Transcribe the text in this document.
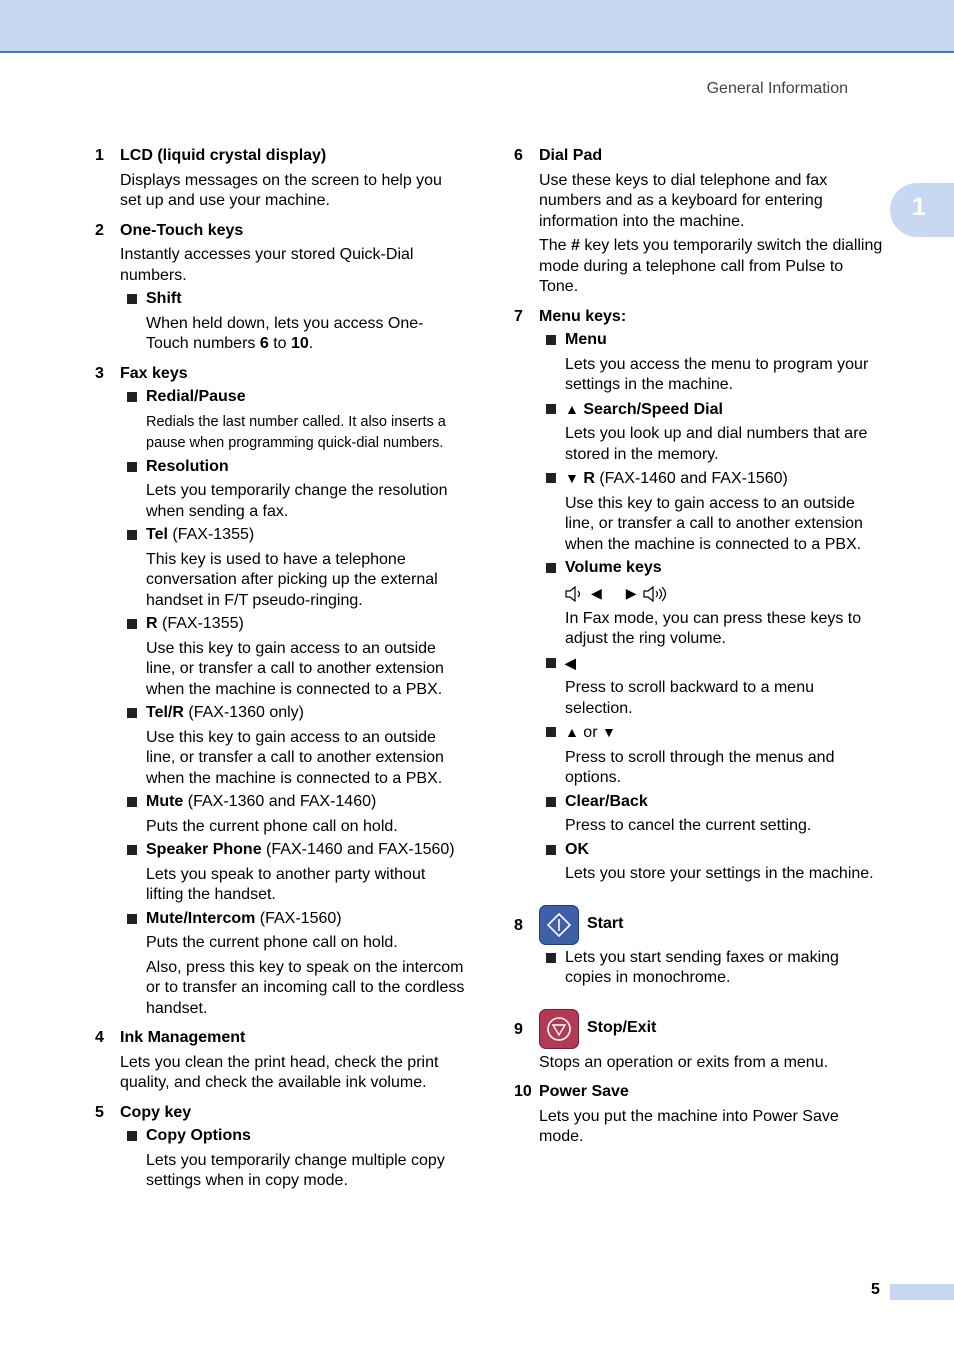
General Information
1
1 LCD (liquid crystal display)
Displays messages on the screen to help you set up and use your machine.
2 One-Touch keys
Instantly accesses your stored Quick-Dial numbers.
Shift
When held down, lets you access One-Touch numbers 6 to 10.
3 Fax keys
Redial/Pause
Redials the last number called. It also inserts a pause when programming quick-dial numbers.
Resolution
Lets you temporarily change the resolution when sending a fax.
Tel (FAX-1355)
This key is used to have a telephone conversation after picking up the external handset in F/T pseudo-ringing.
R (FAX-1355)
Use this key to gain access to an outside line, or transfer a call to another extension when the machine is connected to a PBX.
Tel/R (FAX-1360 only)
Use this key to gain access to an outside line, or transfer a call to another extension when the machine is connected to a PBX.
Mute (FAX-1360 and FAX-1460)
Puts the current phone call on hold.
Speaker Phone (FAX-1460 and FAX-1560)
Lets you speak to another party without lifting the handset.
Mute/Intercom (FAX-1560)
Puts the current phone call on hold.
Also, press this key to speak on the intercom or to transfer an incoming call to the cordless handset.
4 Ink Management
Lets you clean the print head, check the print quality, and check the available ink volume.
5 Copy key
Copy Options
Lets you temporarily change multiple copy settings when in copy mode.
6 Dial Pad
Use these keys to dial telephone and fax numbers and as a keyboard for entering information into the machine.
The # key lets you temporarily switch the dialling mode during a telephone call from Pulse to Tone.
7 Menu keys:
Menu
Lets you access the menu to program your settings in the machine.
▲ Search/Speed Dial
Lets you look up and dial numbers that are stored in the memory.
▼ R (FAX-1460 and FAX-1560)
Use this key to gain access to an outside line, or transfer a call to another extension when the machine is connected to a PBX.
Volume keys
◀ ▶
In Fax mode, you can press these keys to adjust the ring volume.
◀
Press to scroll backward to a menu selection.
▲ or ▼
Press to scroll through the menus and options.
Clear/Back
Press to cancel the current setting.
OK
Lets you store your settings in the machine.
8	Start
Lets you start sending faxes or making copies in monochrome.
9	Stop/Exit
Stops an operation or exits from a menu.
10 Power Save
Lets you put the machine into Power Save mode.
5
